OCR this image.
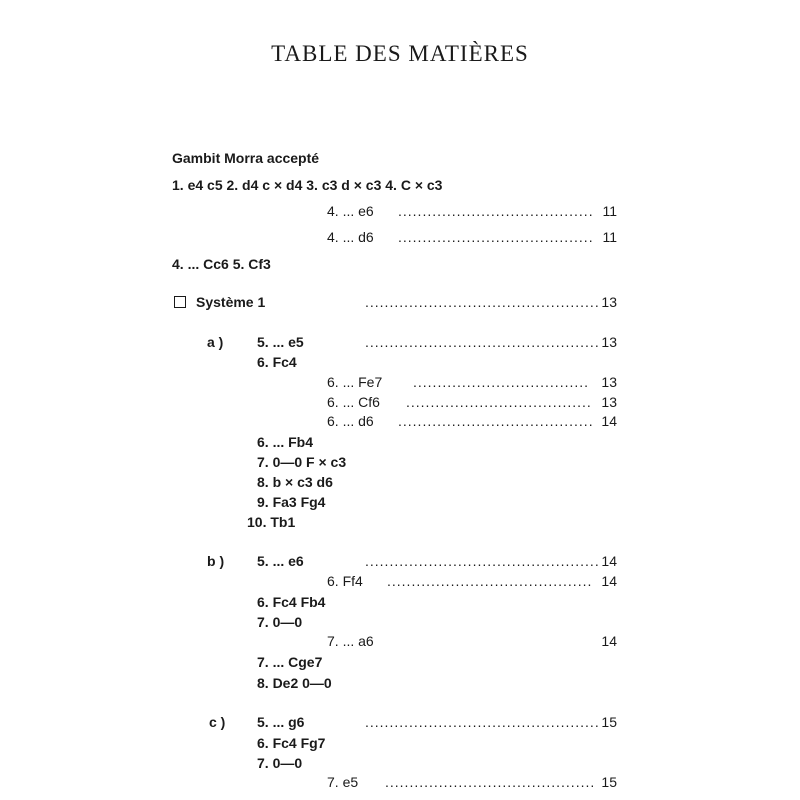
TABLE DES MATIÈRES
Gambit Morra accepté
1. e4 c5 2. d4 c × d4 3. c3 d × c3 4. C × c3
4. ... e6 ........................................ 11
4. ... d6 ........................................ 11
4. ... Cc6 5. Cf3
Système 1	................................................ 13
a ) 5. ... e5	................................................ 13
6. Fc4
6. ... Fe7 .................................... 13
6. ... Cf6 ...................................... 13
6. ... d6 ........................................ 14
6. ... Fb4
7. 0—0 F × c3
8. b × c3 d6
9. Fa3 Fg4
10. Tb1
b ) 5. ... e6	................................................ 14
6. Ff4 .......................................... 14
6. Fc4 Fb4
7. 0—0
7. ... a6	14
7. ... Cge7
8. De2 0—0
c ) 5. ... g6	................................................ 15
6. Fc4 Fg7
7. 0—0
7. e5 ........................................... 15
